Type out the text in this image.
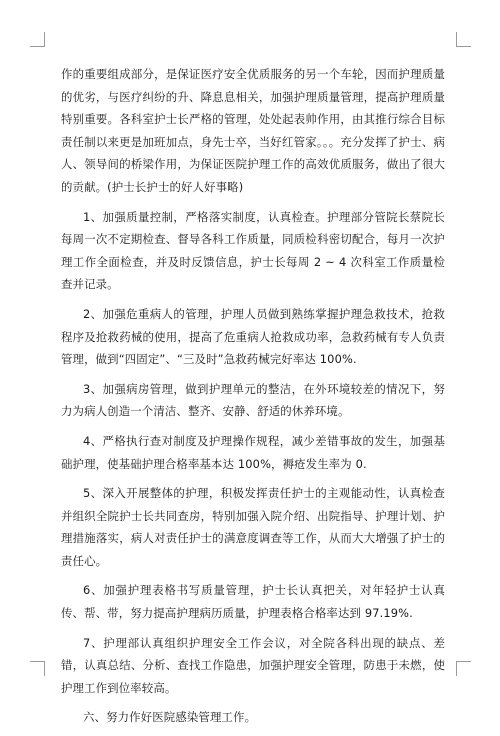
作的重要组成部分，是保证医疗安全优质服务的另一个车轮，因而护理质量的优劣，与医疗纠纷的升、降息息相关，加强护理质量管理，提高护理质量特别重要。各科室护士长严格的管理，处处起表帅作用，由其推行综合目标责任制以来更是加班加点，身先士卒，当好红管家。。。充分发挥了护士、病人、领导间的桥梁作用，为保证医院护理工作的高效优质服务，做出了很大的贡献。(护士长护士的好人好事略)

1、加强质量控制，严格落实制度，认真检查。护理部分管院长蔡院长每周一次不定期检查、督导各科工作质量，同质检科密切配合，每月一次护理工作全面检查，并及时反馈信息，护士长每周 2 ~ 4 次科室工作质量检查并记录。

2、加强危重病人的管理，护理人员做到熟练掌握护理急救技术，抢救程序及抢救药械的使用，提高了危重病人抢救成功率，急救药械有专人负责管理，做到“四固定”、“三及时”急救药械完好率达 100%.

3、加强病房管理，做到护理单元的整洁，在外环境较差的情况下，努力为病人创造一个清洁、整齐、安静、舒适的休养环境。

4、严格执行查对制度及护理操作规程，减少差错事故的发生，加强基础护理，使基础护理合格率基本达 100%，褥疮发生率为 0.

5、深入开展整体的护理，积极发挥责任护士的主观能动性，认真检查并组织全院护士长共同查房，特别加强入院介绍、出院指导、护理计划、护理措施落实，病人对责任护士的满意度调查等工作，从而大大增强了护士的责任心。

6、加强护理表格书写质量管理，护士长认真把关，对年轻护士认真传、帮、带，努力提高护理病历质量，护理表格合格率达到 97.19%.

7、护理部认真组织护理安全工作会议，对全院各科出现的缺点、差错，认真总结、分析、查找工作隐患，加强护理安全管理，防患于未燃，使护理工作到位率较高。

六、努力作好医院感染管理工作。
